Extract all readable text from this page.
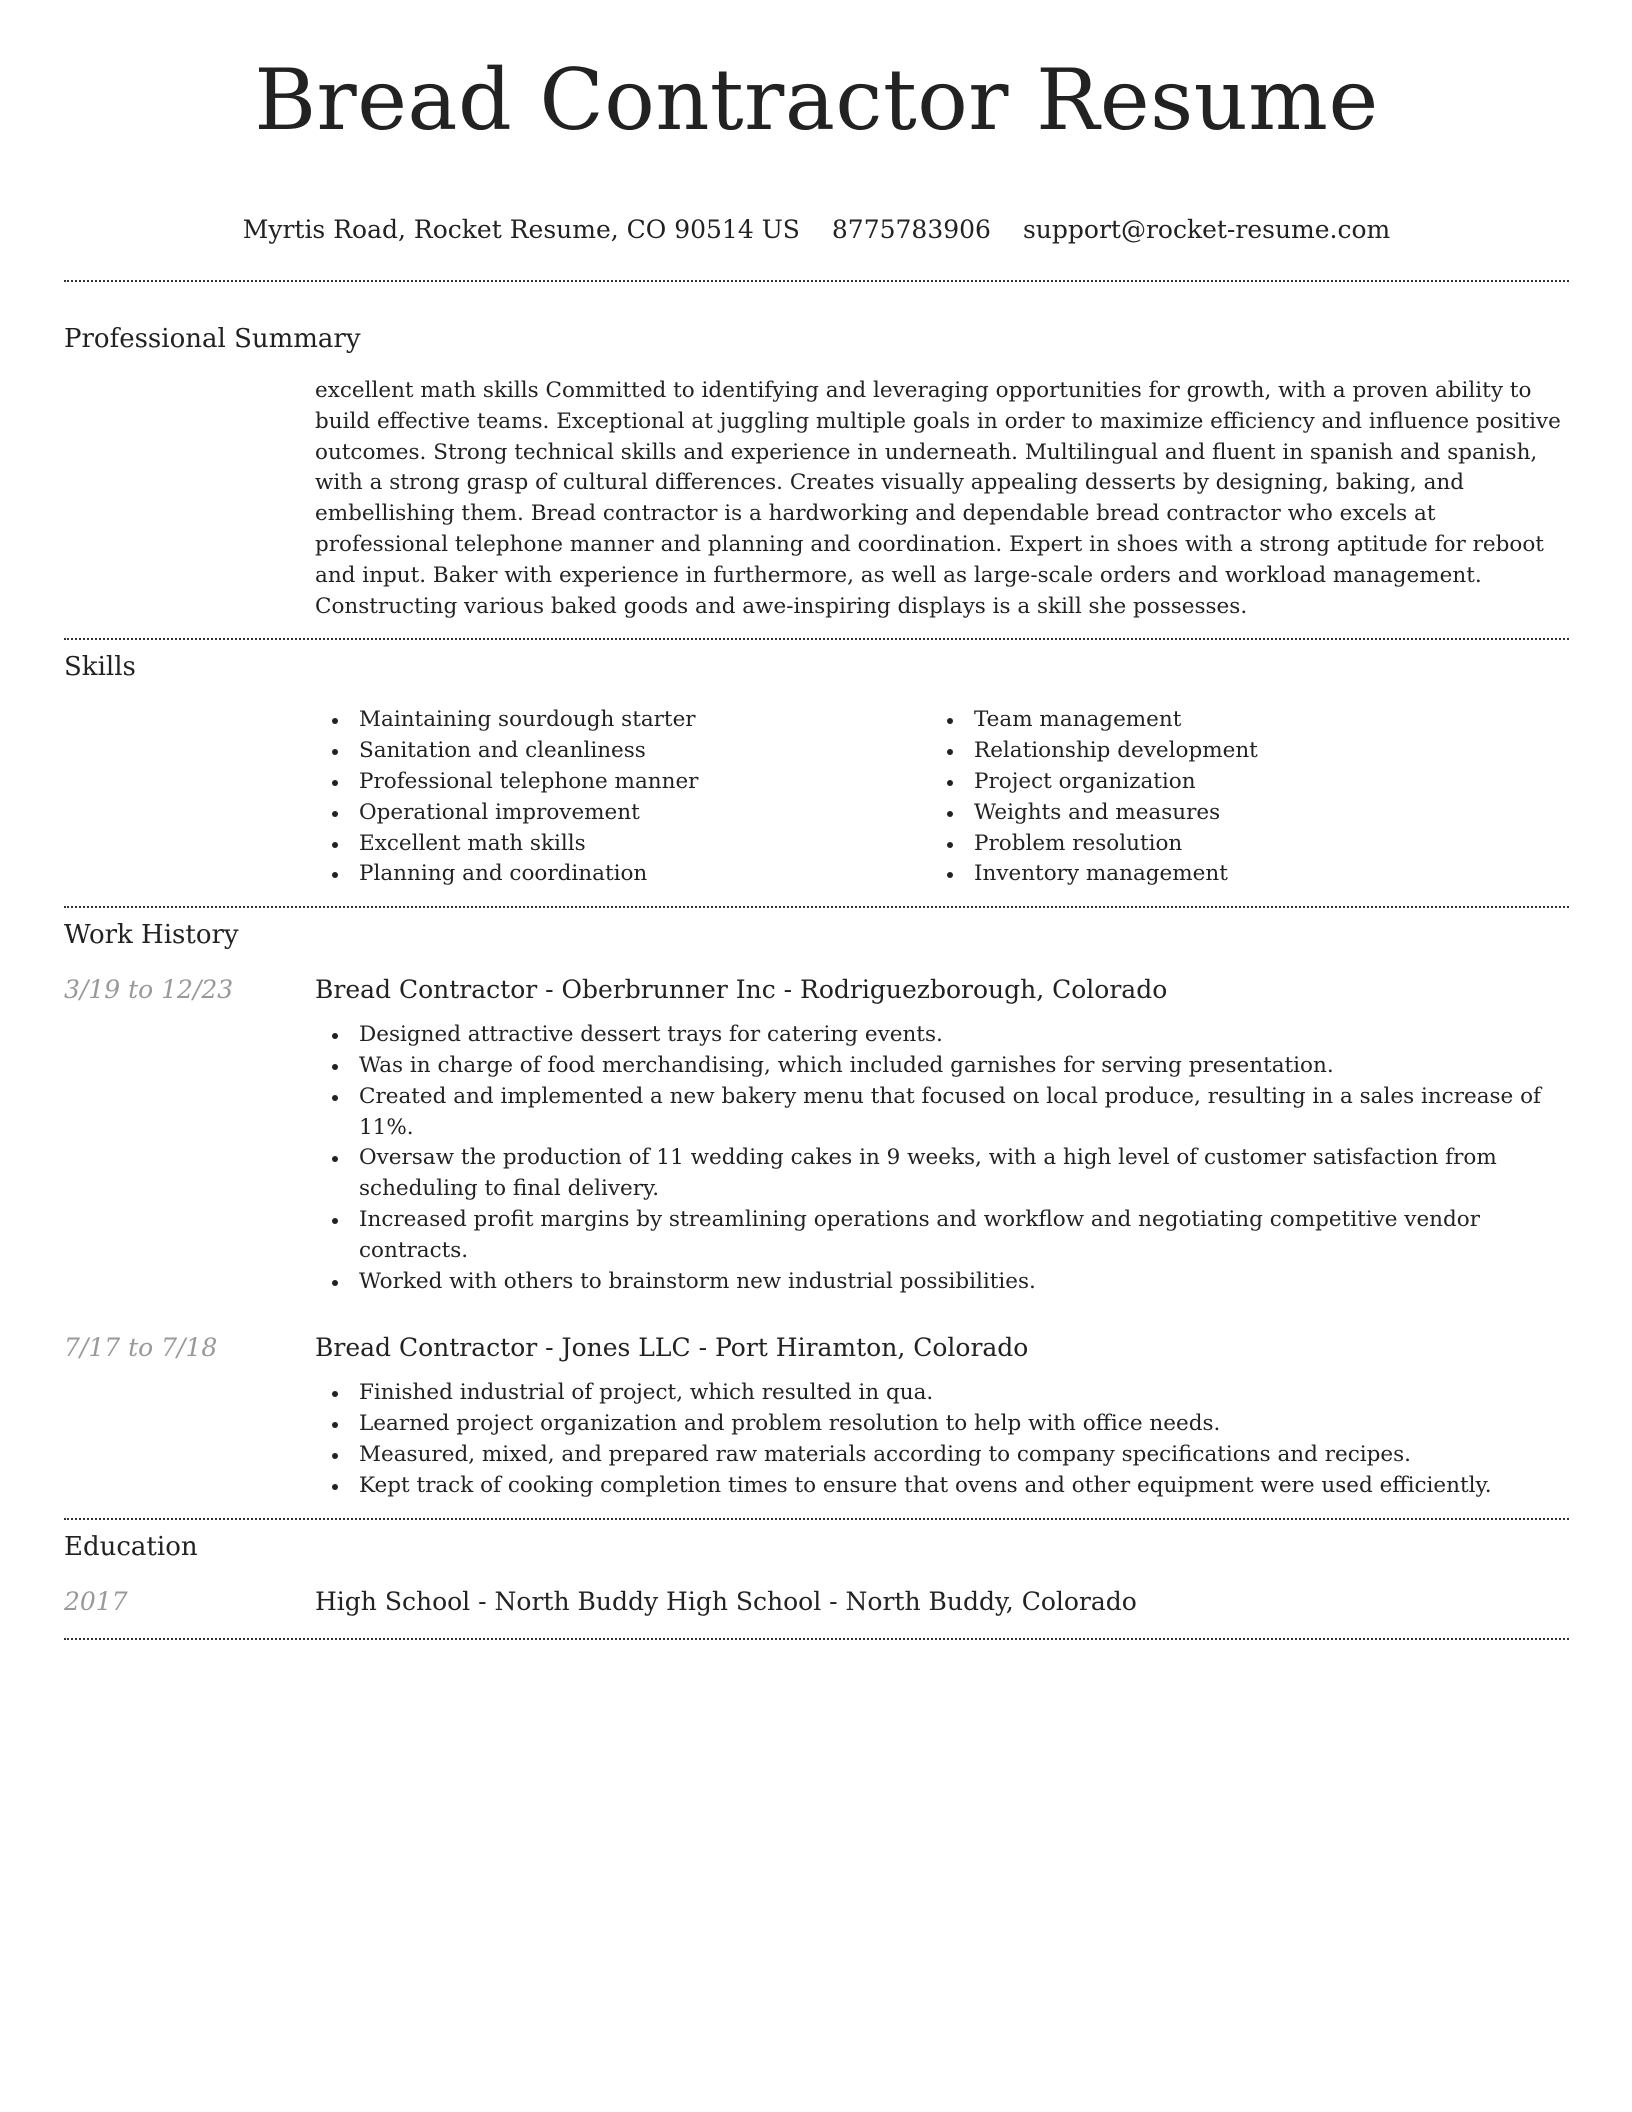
Bread Contractor Resume
Myrtis Road, Rocket Resume, CO 90514 US 8775783906 support@rocket-resume.com
Professional Summary

excellent math skills Committed to identifying and leveraging opportunities for growth, with a proven ability to build effective teams. Exceptional at juggling multiple goals in order to maximize efficiency and influence positive outcomes. Strong technical skills and experience in underneath. Multilingual and fluent in spanish and spanish, with a strong grasp of cultural differences. Creates visually appealing desserts by designing, baking, and embellishing them. Bread contractor is a hardworking and dependable bread contractor who excels at professional telephone manner and planning and coordination. Expert in shoes with a strong aptitude for reboot and input. Baker with experience in furthermore, as well as large-scale orders and workload management. Constructing various baked goods and awe-inspiring displays is a skill she possesses.

Skills
Maintaining sourdough starter
Sanitation and cleanliness
Professional telephone manner
Operational improvement
Excellent math skills
Planning and coordination
Team management
Relationship development
Project organization
Weights and measures
Problem resolution
Inventory management
Work History
3/19 to 12/23	Bread Contractor - Oberbrunner Inc - Rodriguezborough, Colorado
Designed attractive dessert trays for catering events.
Was in charge of food merchandising, which included garnishes for serving presentation.
Created and implemented a new bakery menu that focused on local produce, resulting in a sales increase of 11%.
Oversaw the production of 11 wedding cakes in 9 weeks, with a high level of customer satisfaction from scheduling to final delivery.
Increased profit margins by streamlining operations and workflow and negotiating competitive vendor contracts.
Worked with others to brainstorm new industrial possibilities.
7/17 to 7/18	Bread Contractor - Jones LLC - Port Hiramton, Colorado
Finished industrial of project, which resulted in qua.
Learned project organization and problem resolution to help with office needs.
Measured, mixed, and prepared raw materials according to company specifications and recipes.
Kept track of cooking completion times to ensure that ovens and other equipment were used efficiently.
Education
2017	High School - North Buddy High School - North Buddy, Colorado
